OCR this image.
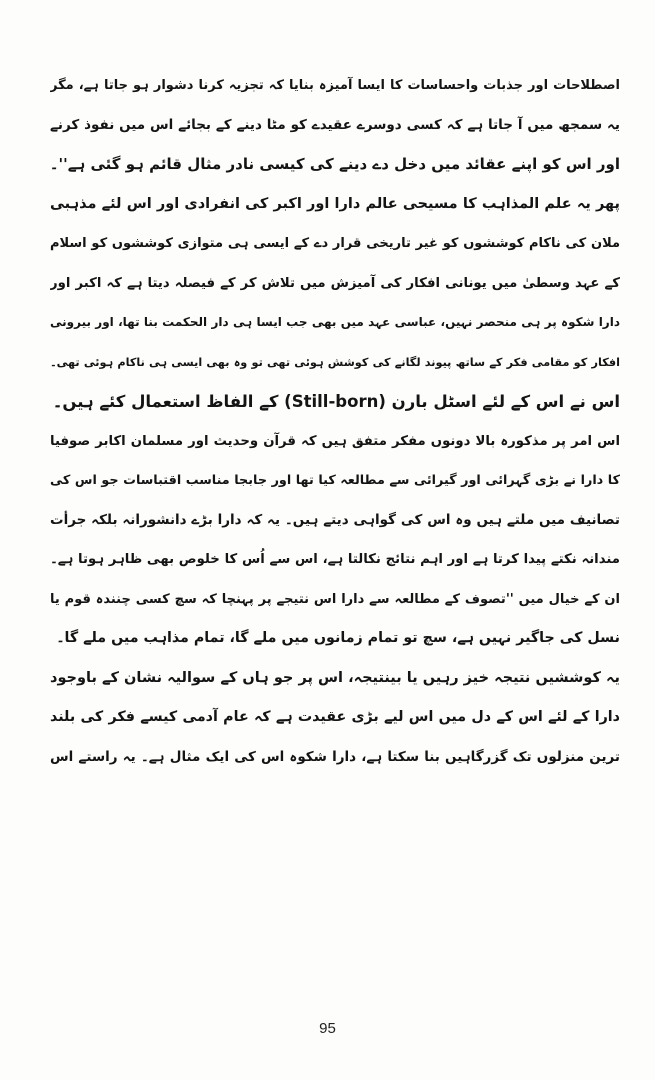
اصطلاحات اور جذبات واحساسات کا ایسا آمیزہ بنایا کہ تجزیہ کرنا دشوار ہو جاتا ہے، مگر
یہ سمجھ میں آ جاتا ہے کہ کسی دوسرے عقیدے کو مٹا دینے کے بجائے اس میں نفوذ کرنے
اور اس کو اپنے عقائد میں دخل دے دینے کی کیسی نادر مثال قائم ہو گئی ہے''۔
پھر یہ علم المذاہب کا مسیحی عالم دارا اور اکبر کی انفرادی اور اس لئے مذہبی
ملان کی ناکام کوششوں کو غیر تاریخی قرار دے کے ایسی ہی متوازی کوششوں کو اسلام
کے عہد وسطیٰ میں یونانی افکار کی آمیزش میں تلاش کر کے فیصلہ دیتا ہے کہ اکبر اور
دارا شکوہ پر ہی منحصر نہیں، عباسی عہد میں بھی جب ایسا ہی دار الحکمت بنا تھا، اور بیرونی
افکار کو مقامی فکر کے ساتھ پیوند لگانے کی کوشش ہوئی تھی تو وہ بھی ایسی ہی ناکام ہوئی تھی۔
اس نے اس کے لئے اسٹل بارن (Still-born) کے الفاظ استعمال کئے ہیں۔
اس امر پر مذکورہ بالا دونوں مفکر متفق ہیں کہ قرآن وحدیث اور مسلمان اکابر صوفیا
کا دارا نے بڑی گہرائی اور گیرائی سے مطالعہ کیا تھا اور جابجا مناسب اقتباسات جو اس کی
تصانیف میں ملتے ہیں وہ اس کی گواہی دیتے ہیں۔ یہ کہ دارا بڑے دانشورانہ بلکہ جرأت
مندانہ نکتے پیدا کرتا ہے اور اہم نتائج نکالتا ہے، اس سے اُس کا خلوص بھی ظاہر ہوتا ہے۔
ان کے خیال میں ''تصوف کے مطالعہ سے دارا اس نتیجے پر پہنچا کہ سچ کسی چنندہ قوم یا
نسل کی جاگیر نہیں ہے، سچ تو تمام زمانوں میں ملے گا، تمام مذاہب میں ملے گا۔
یہ کوششیں نتیجہ خیز رہیں یا بینتیجہ، اس پر جو ہاں کے سوالیہ نشان کے باوجود
دارا کے لئے اس کے دل میں اس لیے بڑی عقیدت ہے کہ عام آدمی کیسے فکر کی بلند
ترین منزلوں تک گزرگاہیں بنا سکتا ہے، دارا شکوہ اس کی ایک مثال ہے۔ یہ راستے اس
95
